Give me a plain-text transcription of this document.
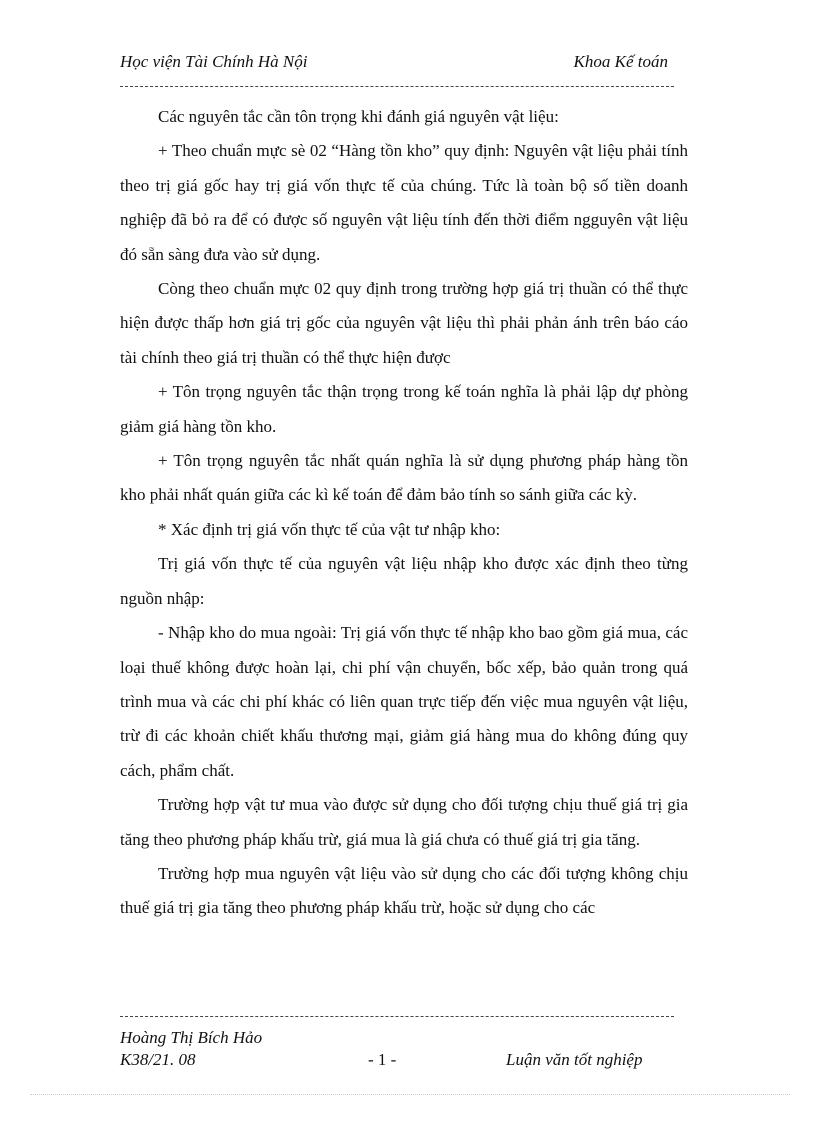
Học viện Tài Chính Hà Nội	Khoa Kế toán

Các nguyên tắc cần tôn trọng khi đánh giá nguyên vật liệu:

+ Theo chuẩn mực sè 02 “Hàng tồn kho” quy định: Nguyên vật liệu phải tính theo trị giá gốc hay trị giá vốn thực tế của chúng. Tức là toàn bộ số tiền doanh nghiệp đã bỏ ra để có được số nguyên vật liệu tính đến thời điểm ngguyên vật liệu đó sẵn sàng đưa vào sử dụng.

Còng theo chuẩn mực 02 quy định trong trường hợp giá trị thuần có thể thực hiện được thấp hơn giá trị gốc của nguyên vật liệu thì phải phản ánh trên báo cáo tài chính theo giá trị thuần có thể thực hiện được

+ Tôn trọng nguyên tắc thận trọng trong kế toán nghĩa là phải lập dự phòng giảm giá hàng tồn kho.

+ Tôn trọng nguyên tắc nhất quán nghĩa là sử dụng phương pháp hàng tồn kho phải nhất quán giữa các kì kế toán để đảm bảo tính so sánh giữa các kỳ.

* Xác định trị giá vốn thực tế của vật tư nhập kho:

Trị giá vốn thực tế của nguyên vật liệu nhập kho được xác định theo từng nguồn nhập:

- Nhập kho do mua ngoài: Trị giá vốn thực tế nhập kho bao gồm giá mua, các loại thuế không được hoàn lại, chi phí vận chuyển, bốc xếp, bảo quản trong quá trình mua và các chi phí khác có liên quan trực tiếp đến việc mua nguyên vật liệu, trừ đi các khoản chiết khấu thương mại, giảm giá hàng mua do không đúng quy cách, phẩm chất.

Trường hợp vật tư mua vào được sử dụng cho đối tượng chịu thuế giá trị gia tăng theo phương pháp khấu trừ, giá mua là giá chưa có thuế giá trị gia tăng.

Trường hợp mua nguyên vật liệu vào sử dụng cho các đối tượng không chịu thuế giá trị gia tăng theo phương pháp khấu trừ, hoặc sử dụng cho các

Hoàng Thị Bích Hảo
K38/21. 08	- 1 -	Luận văn tốt nghiệp
